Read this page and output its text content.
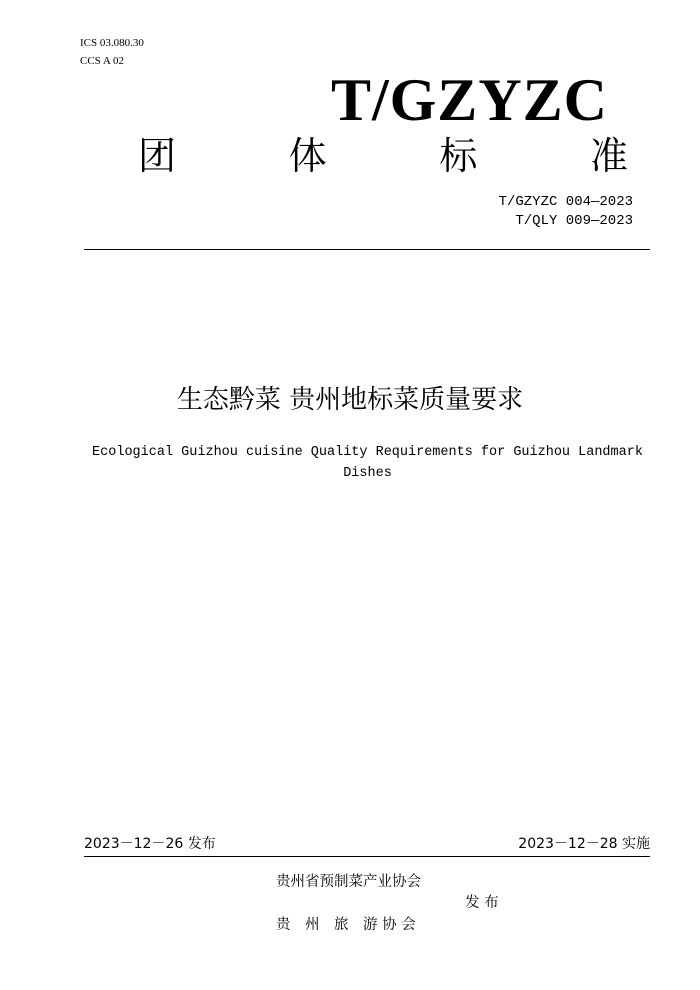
ICS 03.080.30
CCS A 02
T/GZYZC
团	体	标	准
T/GZYZC 004—2023
T/QLY 009—2023
生态黔菜 贵州地标菜质量要求
Ecological Guizhou cuisine Quality Requirements for Guizhou Landmark Dishes
2023－12－26 发布	2023－12－28 实施
贵州省预制菜产业协会
发 布
贵　州　旅　游 协 会
